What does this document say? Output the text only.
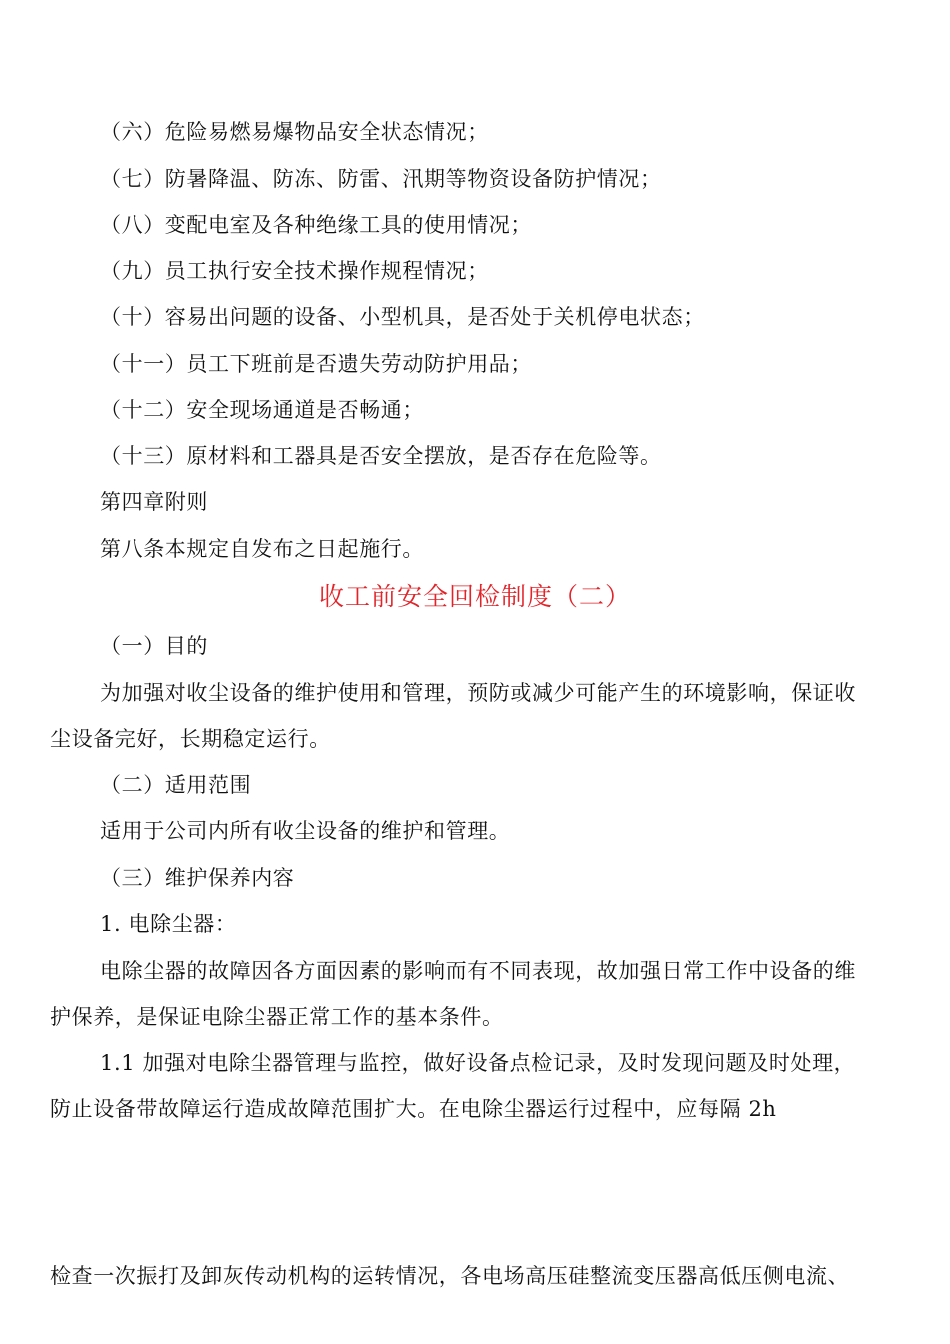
（六）危险易燃易爆物品安全状态情况；
（七）防暑降温、防冻、防雷、汛期等物资设备防护情况；
（八）变配电室及各种绝缘工具的使用情况；
（九）员工执行安全技术操作规程情况；
（十）容易出问题的设备、小型机具，是否处于关机停电状态；
（十一）员工下班前是否遗失劳动防护用品；
（十二）安全现场通道是否畅通；
（十三）原材料和工器具是否安全摆放，是否存在危险等。
第四章附则
第八条本规定自发布之日起施行。
收工前安全回检制度（二）
（一）目的
为加强对收尘设备的维护使用和管理，预防或减少可能产生的环境影响，保证收
尘设备完好，长期稳定运行。
（二）适用范围
适用于公司内所有收尘设备的维护和管理。
（三）维护保养内容
1. 电除尘器：
电除尘器的故障因各方面因素的影响而有不同表现，故加强日常工作中设备的维
护保养，是保证电除尘器正常工作的基本条件。
1.1 加强对电除尘器管理与监控，做好设备点检记录，及时发现问题及时处理，
防止设备带故障运行造成故障范围扩大。在电除尘器运行过程中，应每隔 2h
检查一次振打及卸灰传动机构的运转情况，各电场高压硅整流变压器高低压侧电流、
